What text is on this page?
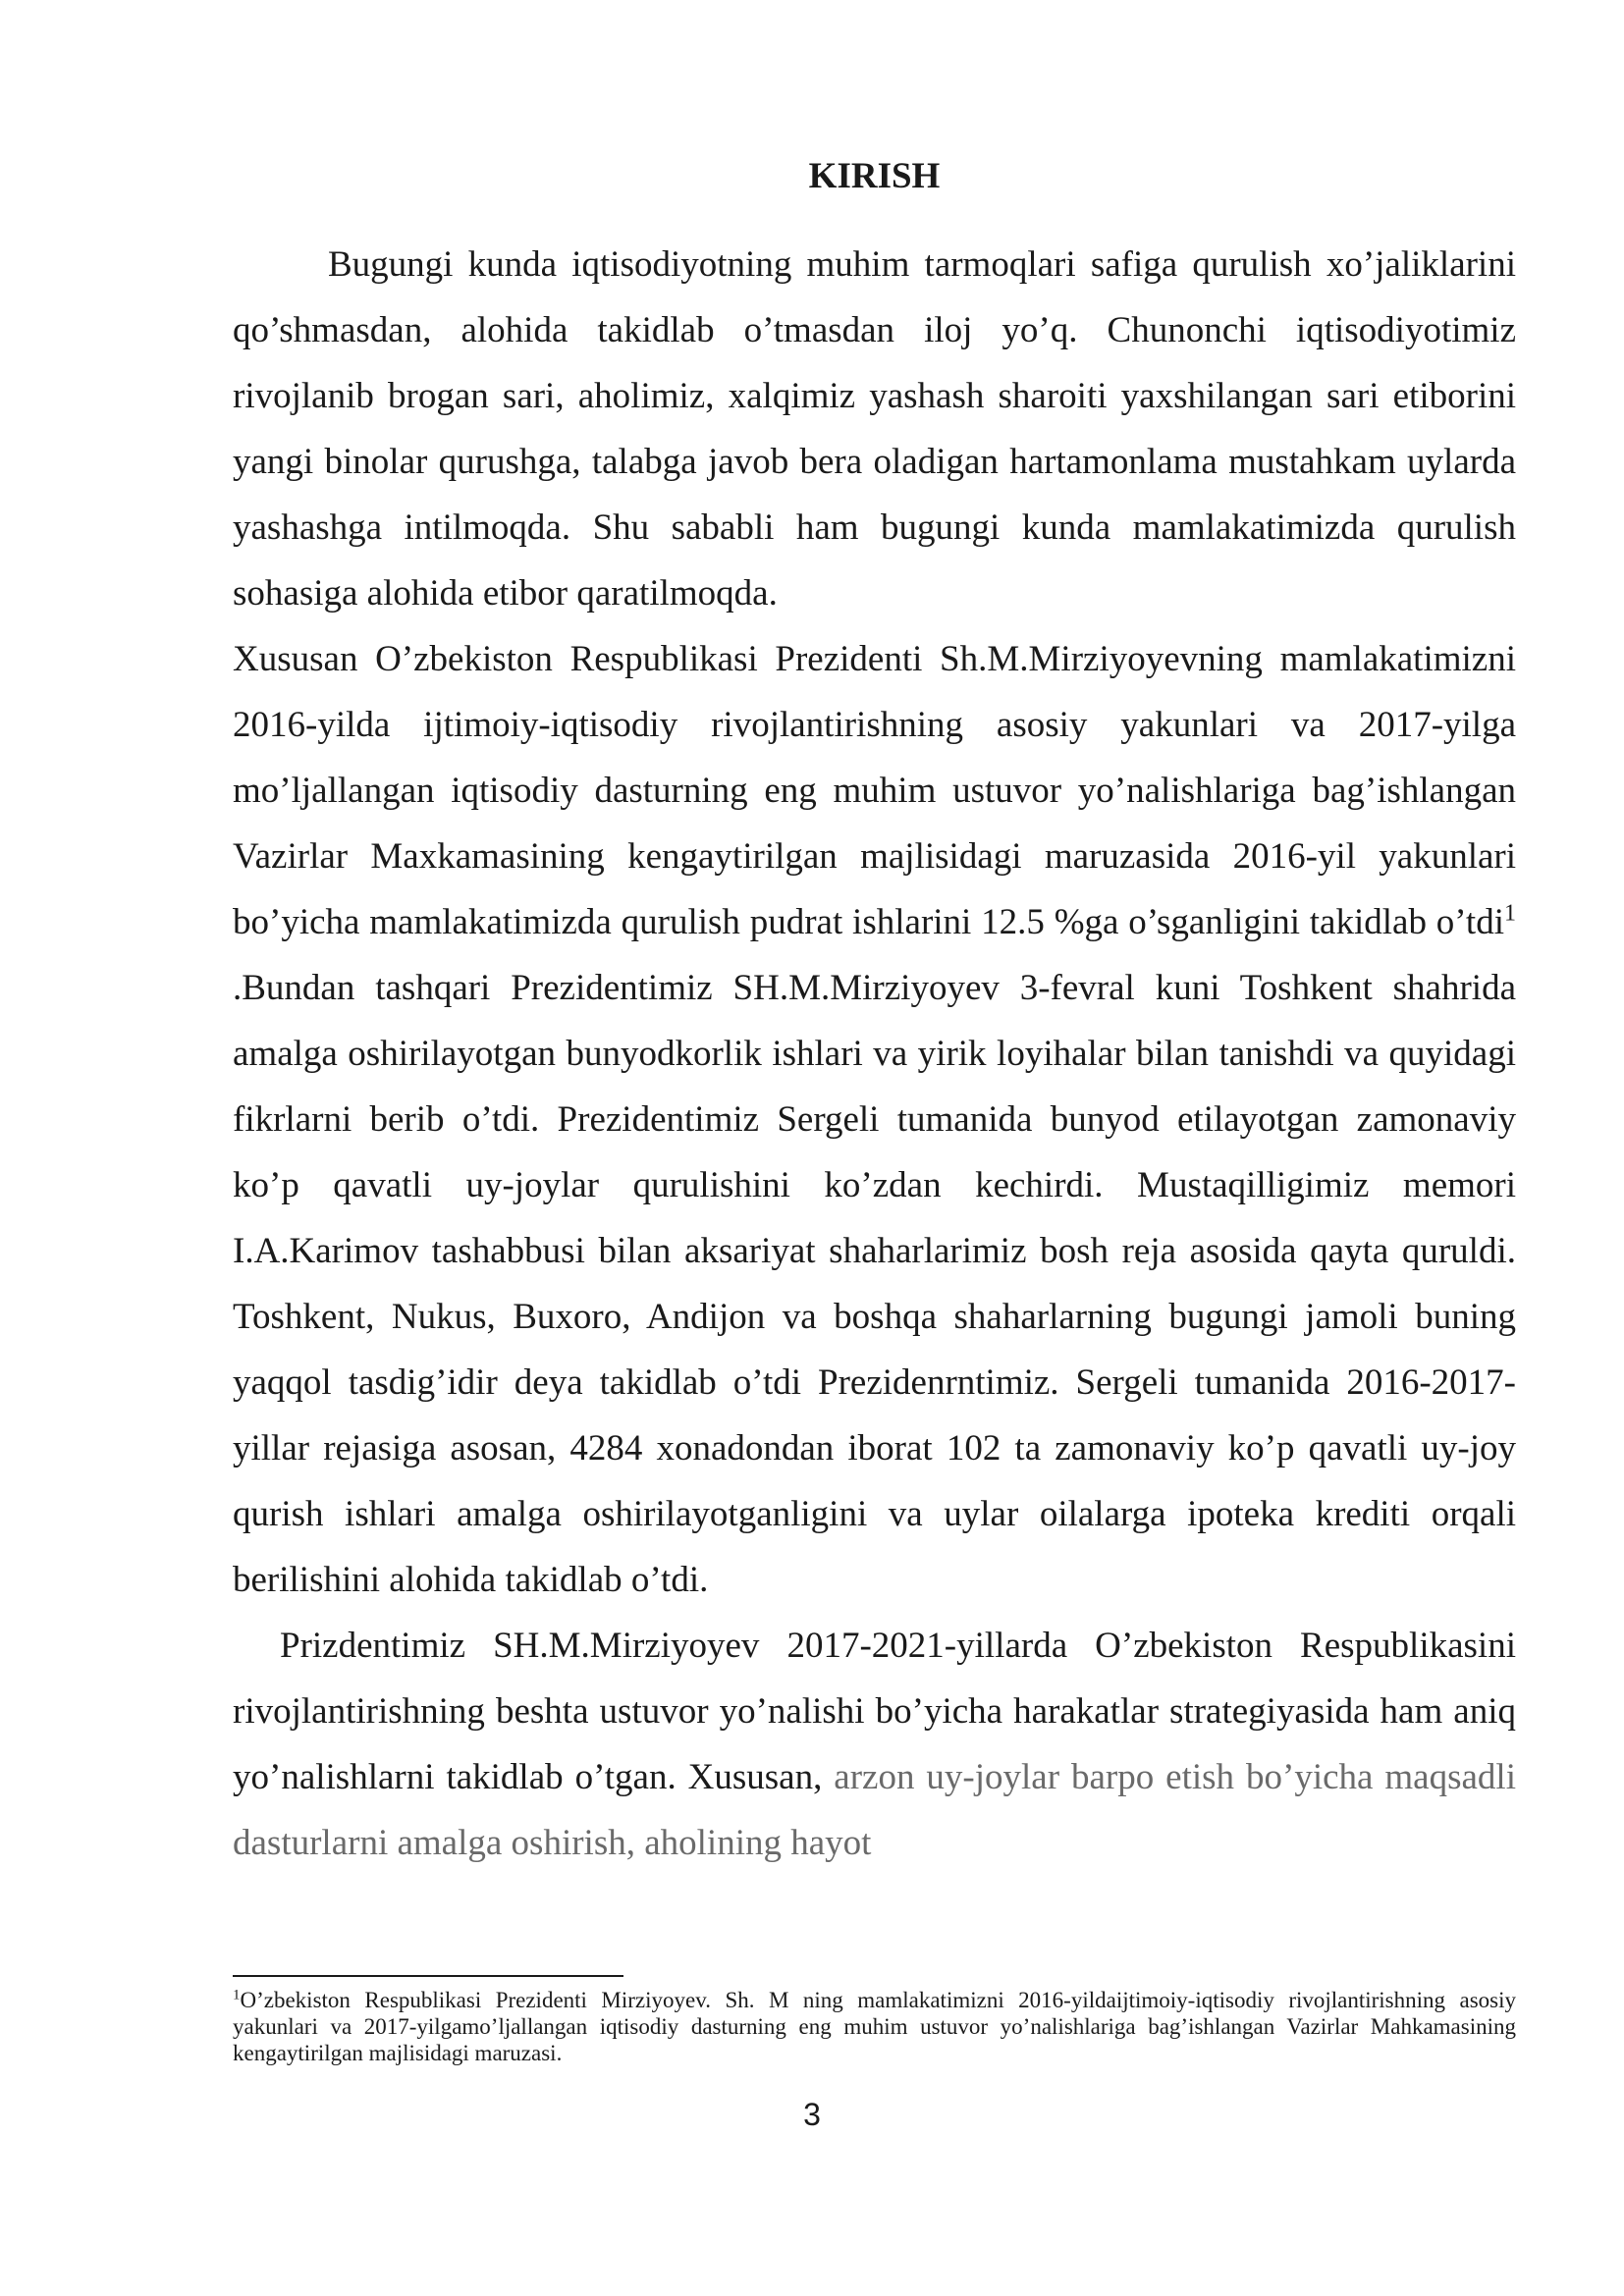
KIRISH

Bugungi kunda iqtisodiyotning muhim tarmoqlari safiga qurulish xo’jaliklarini qo’shmasdan, alohida takidlab o’tmasdan iloj yo’q. Chunonchi iqtisodiyotimiz rivojlanib brogan sari, aholimiz, xalqimiz yashash sharoiti yaxshilangan sari etiborini yangi binolar qurushga, talabga javob bera oladigan hartamonlama mustahkam uylarda yashashga intilmoqda. Shu sababli ham bugungi kunda mamlakatimizda qurulish sohasiga alohida etibor qaratilmoqda.
Xususan O’zbekiston Respublikasi Prezidenti Sh.M.Mirziyoyevning mamlakatimizni 2016-yilda ijtimoiy-iqtisodiy rivojlantirishning asosiy yakunlari va 2017-yilga mo’ljallangan iqtisodiy dasturning eng muhim ustuvor yo’nalishlariga bag’ishlangan Vazirlar Maxkamasining kengaytirilgan majlisidagi maruzasida 2016-yil yakunlari bo’yicha mamlakatimizda qurulish pudrat ishlarini 12.5 %ga o’sganligini takidlab o’tdi$^1$ .Bundan tashqari Prezidentimiz SH.M.Mirziyoyev 3-fevral kuni Toshkent shahrida amalga oshirilayotgan bunyodkorlik ishlari va yirik loyihalar bilan tanishdi va quyidagi fikrlarni berib o’tdi. Prezidentimiz Sergeli tumanida bunyod etilayotgan zamonaviy ko’p qavatli uy-joylar qurulishini ko’zdan kechirdi. Mustaqilligimiz memori I.A.Karimov tashabbusi bilan aksariyat shaharlarimiz bosh reja asosida qayta quruldi. Toshkent, Nukus, Buxoro, Andijon va boshqa shaharlarning bugungi jamoli buning yaqqol tasdig’idir deya takidlab o’tdi Prezidenrntimiz. Sergeli tumanida 2016-2017-yillar rejasiga asosan, 4284 xonadondan iborat 102 ta zamonaviy ko’p qavatli uy-joy qurish ishlari amalga oshirilayotganligini va uylar oilalarga ipoteka krediti orqali berilishini alohida takidlab o’tdi.

Prizdentimiz SH.M.Mirziyoyev 2017-2021-yillarda O’zbekiston Respublikasini rivojlantirishning beshta ustuvor yo’nalishi bo’yicha harakatlar strategiyasida ham aniq yo’nalishlarni takidlab o’tgan. Xususan, arzon uy-joylar barpo etish bo’yicha maqsadli dasturlarni amalga oshirish, aholining hayot

$^1$O’zbekiston Respublikasi Prezidenti Mirziyoyev. Sh. M ning mamlakatimizni 2016-yildaijtimoiy-iqtisodiy rivojlantirishning asosiy yakunlari va 2017-yilgamo’ljallangan iqtisodiy dasturning eng muhim ustuvor yo’nalishlariga bag’ishlangan Vazirlar Mahkamasining kengaytirilgan majlisidagi maruzasi.
3
